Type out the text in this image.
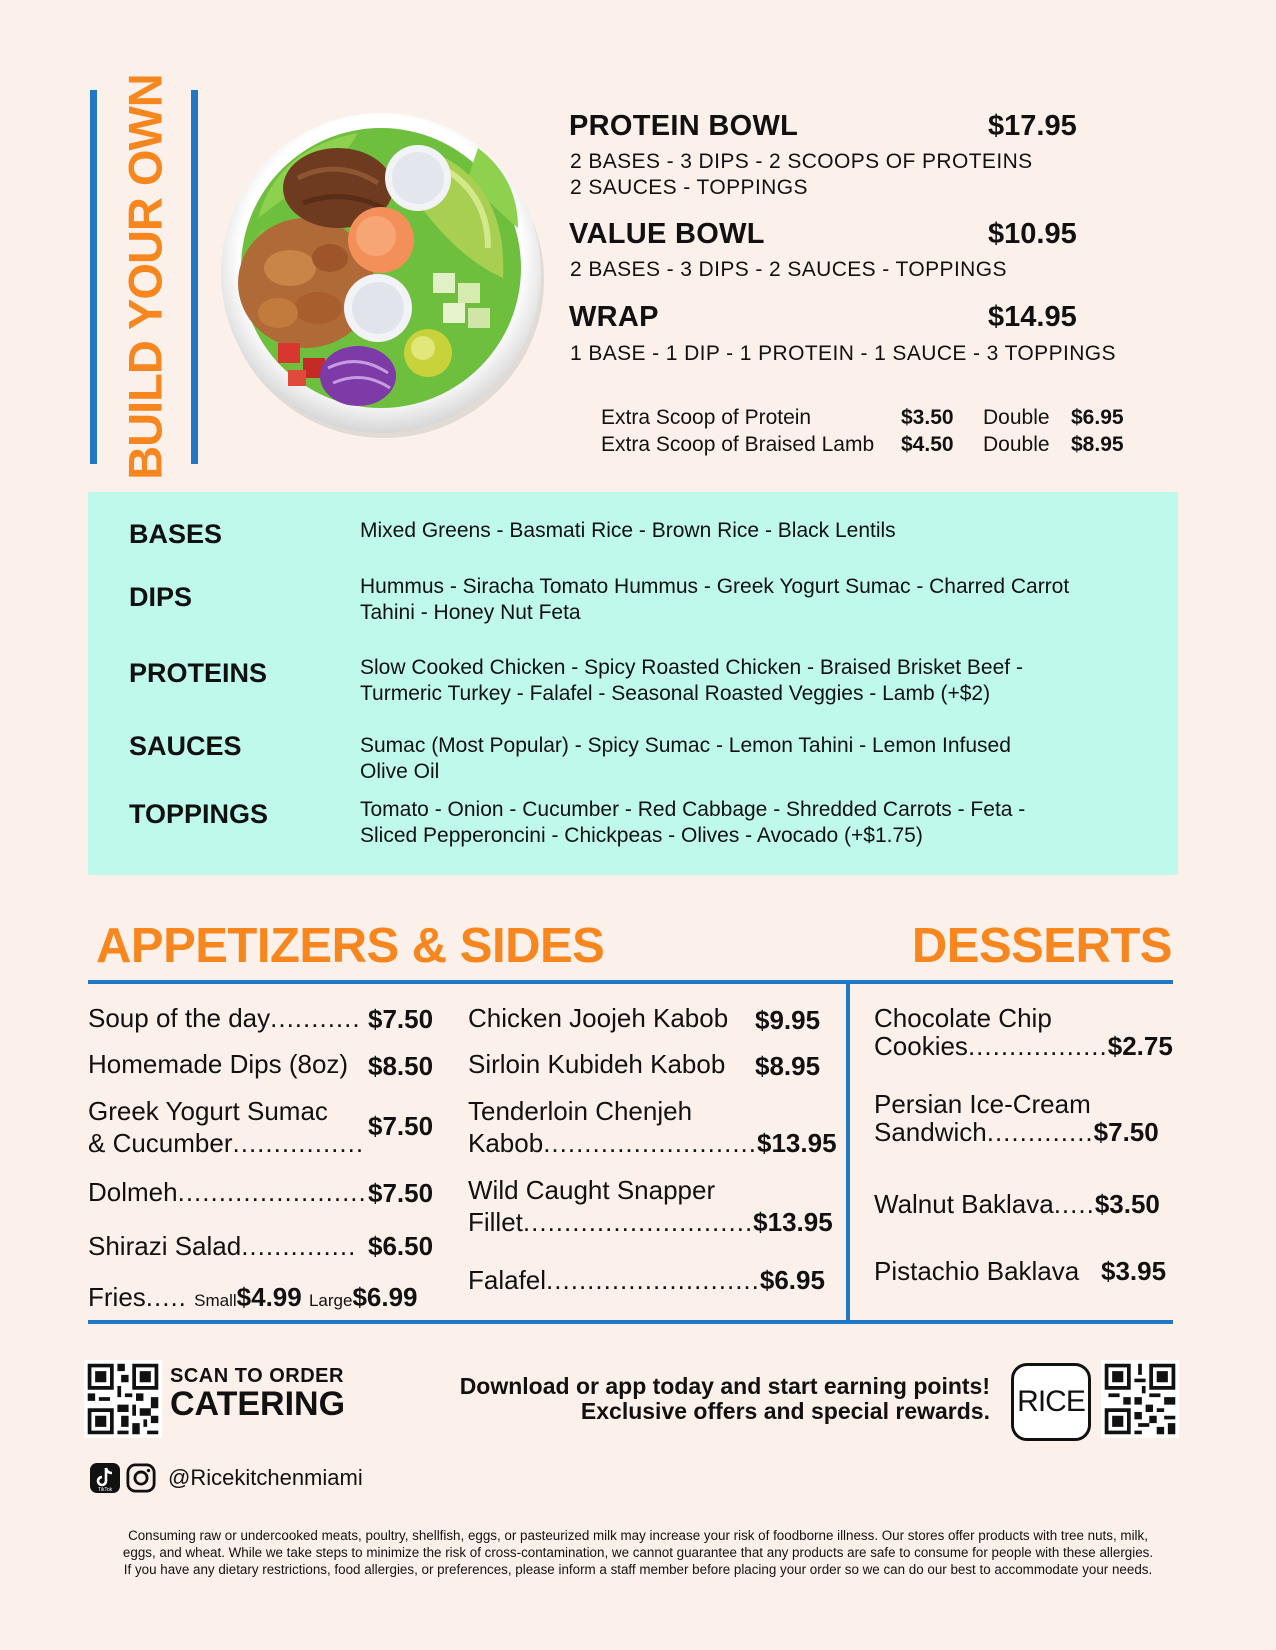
BUILD YOUR OWN	PROTEIN BOWL	$17.95
2 BASES - 3 DIPS - 2 SCOOPS OF PROTEINS
2 SAUCES - TOPPINGS
VALUE BOWL	$10.95
2 BASES - 3 DIPS - 2 SAUCES - TOPPINGS
WRAP	$14.95
1 BASE - 1 DIP - 1 PROTEIN - 1 SAUCE - 3 TOPPINGS
Extra Scoop of Protein	$3.50 Double $6.95
Extra Scoop of Braised Lamb $4.50 Double $8.95
BASES	Mixed Greens - Basmati Rice - Brown Rice - Black Lentils
DIPS	Hummus - Siracha Tomato Hummus - Greek Yogurt Sumac - Charred Carrot
Tahini - Honey Nut Feta
PROTEINS	Slow Cooked Chicken - Spicy Roasted Chicken - Braised Brisket Beef -
Turmeric Turkey - Falafel - Seasonal Roasted Veggies - Lamb (+$2)
SAUCES	Sumac (Most Popular) - Spicy Sumac - Lemon Tahini - Lemon Infused
Olive Oil
TOPPINGS	Tomato - Onion - Cucumber - Red Cabbage - Shredded Carrots - Feta -
Sliced Pepperoncini - Chickpeas - Olives - Avocado (+$1.75)
APPETIZERS & SIDES	DESSERTS
Soup of the day........... $7.50
Homemade Dips (8oz) $8.50
Greek Yogurt Sumac
& Cucumber................
$7.50
Dolmeh....................... $7.50
Shirazi Salad.............. $6.50
Fries..... Small$4.99 Large$6.99
Chicken Joojeh Kabob $9.95
Sirloin Kubideh Kabob $8.95
Tenderloin Chenjeh
Kabob..........................$13.95
Wild Caught Snapper
Fillet............................$13.95
Falafel..........................$6.95
Chocolate Chip
Cookies.................$2.75
Persian Ice-Cream
Sandwich.............$7.50
Walnut Baklava.....$3.50
Pistachio Baklava $3.95
SCAN TO ORDER
CATERING	Download or app today and start earning points!
Exclusive offers and special rewards. RICE
TikTok	@Ricekitchenmiami
Consuming raw or undercooked meats, poultry, shellfish, eggs, or pasteurized milk may increase your risk of foodborne illness. Our stores offer products with tree nuts, milk,
eggs, and wheat. While we take steps to minimize the risk of cross-contamination, we cannot guarantee that any products are safe to consume for people with these allergies.
If you have any dietary restrictions, food allergies, or preferences, please inform a staff member before placing your order so we can do our best to accommodate your needs.
